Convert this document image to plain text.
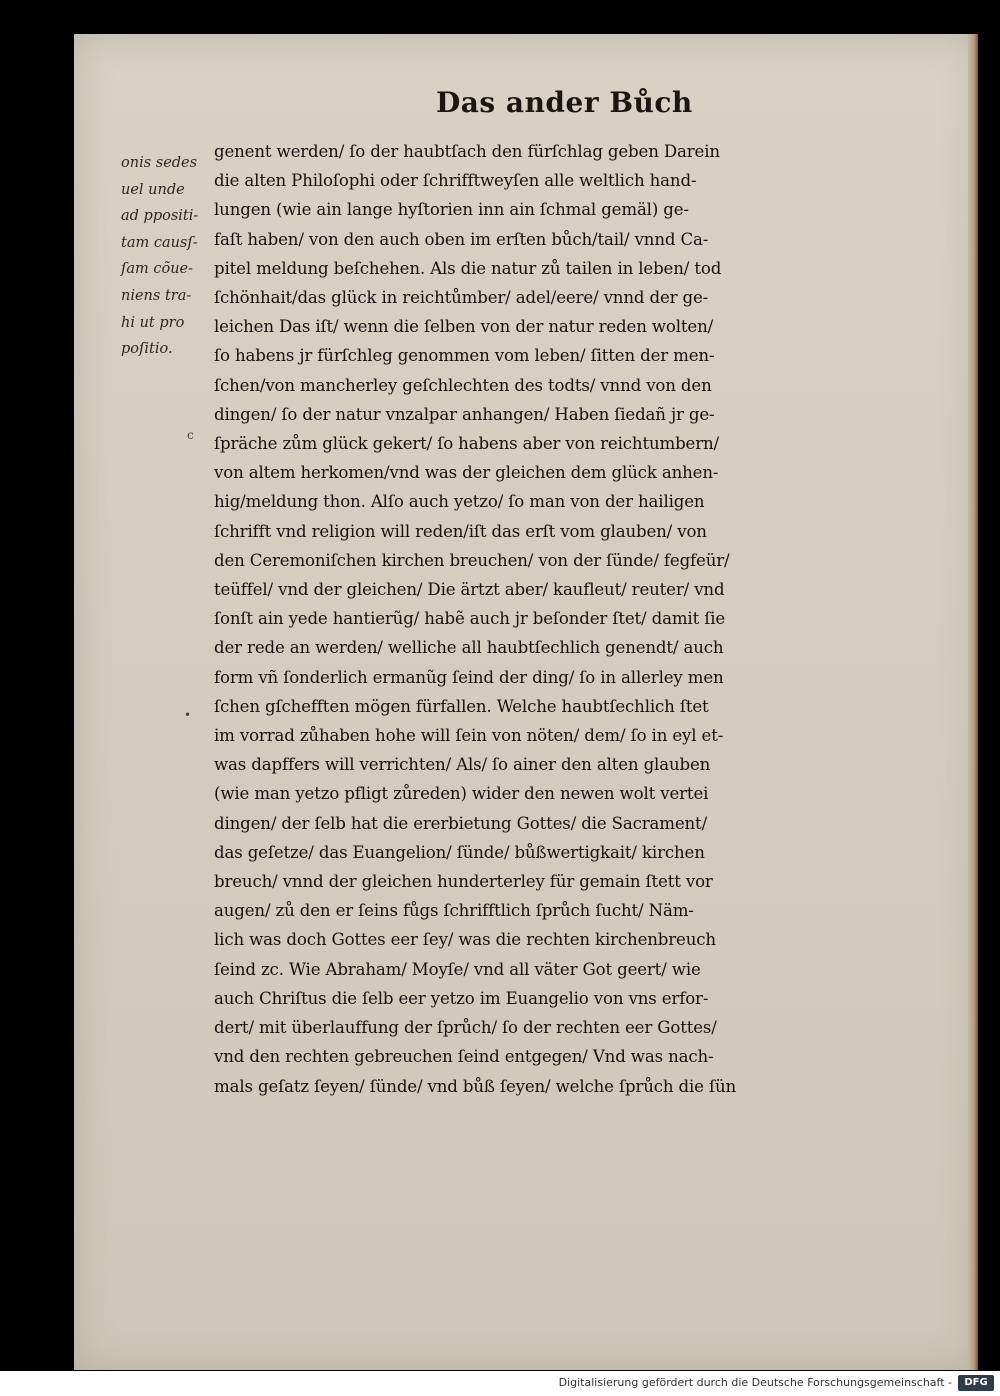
Das ander Bůch
onis sedes
uel unde
ad ppositi-
tam causſ-
ſam cõue-
niens tra-
hi ut pro
poſitio.
genent werden/ ſo der haubtſach den fürſchlag geben Darein
die alten Philoſophi oder ſchrifftweyſen alle weltlich hand-
lungen (wie ain lange hyſtorien inn ain ſchmal gemäl) ge-
faſt haben/ von den auch oben im erſten bůch/tail/ vnnd Ca-
pitel meldung beſchehen. Als die natur zů tailen in leben/ tod
ſchönhait/das glück in reichtůmber/ adel/eere/ vnnd der ge-
leichen Das iſt/ wenn die ſelben von der natur reden wolten/
ſo habens jr fürſchleg genommen vom leben/ ſitten der men-
ſchen/von mancherley geſchlechten des todts/ vnnd von den
dingen/ ſo der natur vnzalpar anhangen/ Haben ſiedañ jr ge-
ſpräche zům glück gekert/ ſo habens aber von reichtumbern/
von altem herkomen/vnd was der gleichen dem glück anhen-
hig/meldung thon. Alſo auch yetzo/ ſo man von der hailigen
ſchrifft vnd religion will reden/iſt das erſt vom glauben/ von
den Ceremoniſchen kirchen breuchen/ von der ſünde/ fegfeür/
teüffel/ vnd der gleichen/ Die ärtzt aber/ kaufleut/ reuter/ vnd
ſonſt ain yede hantierũg/ habẽ auch jr beſonder ſtet/ damit ſie
der rede an werden/ welliche all haubtſechlich genendt/ auch
form vñ ſonderlich ermanũg ſeind der ding/ ſo in allerley men
ſchen gſchefften mögen fürfallen. Welche haubtſechlich ſtet
im vorrad zůhaben hohe will ſein von nöten/ dem/ ſo in eyl et-
was dapffers will verrichten/ Als/ ſo ainer den alten glauben
(wie man yetzo pfligt zůreden) wider den newen wolt vertei
dingen/ der ſelb hat die ererbietung Gottes/ die Sacrament/
das geſetze/ das Euangelion/ ſünde/ bůßwertigkait/ kirchen
breuch/ vnnd der gleichen hunderterley für gemain ſtett vor
augen/ zů den er ſeins fůgs ſchrifftlich ſprůch ſucht/ Näm-
lich was doch Gottes eer ſey/ was die rechten kirchenbreuch
ſeind zc. Wie Abraham/ Moyſe/ vnd all väter Got geert/ wie
auch Chriſtus die ſelb eer yetzo im Euangelio von vns erfor-
dert/ mit überlauffung der ſprůch/ ſo der rechten eer Gottes/
vnd den rechten gebreuchen ſeind entgegen/ Vnd was nach-
mals geſatz ſeyen/ ſünde/ vnd bůß ſeyen/ welche ſprůch die ſün
c
•
Digitalisierung gefördert durch die Deutsche Forschungsgemeinschaft -	DFG
